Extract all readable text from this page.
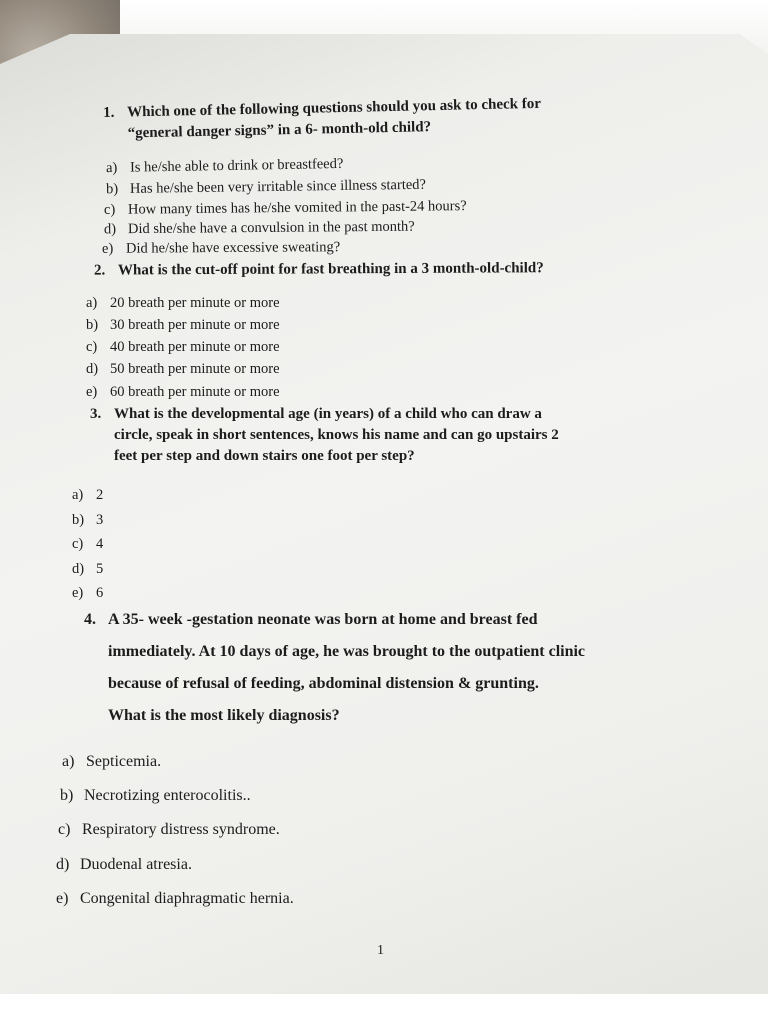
1. Which one of the following questions should you ask to check for
“general danger signs” in a 6- month-old child?
a) Is he/she able to drink or breastfeed?
b) Has he/she been very irritable since illness started?
c) How many times has he/she vomited in the past-24 hours?
d) Did she/she have a convulsion in the past month?
e) Did he/she have excessive sweating?
2. What is the cut-off point for fast breathing in a 3 month-old-child?
a) 20 breath per minute or more
b) 30 breath per minute or more
c) 40 breath per minute or more
d) 50 breath per minute or more
e) 60 breath per minute or more
3. What is the developmental age (in years) of a child who can draw a
circle, speak in short sentences, knows his name and can go upstairs 2
feet per step and down stairs one foot per step?
a) 2
b) 3
c) 4
d) 5
e) 6
4. A 35- week -gestation neonate was born at home and breast fed
immediately. At 10 days of age, he was brought to the outpatient clinic
because of refusal of feeding, abdominal distension & grunting.
What is the most likely diagnosis?
a) Septicemia.
b) Necrotizing enterocolitis..
c) Respiratory distress syndrome.
d) Duodenal atresia.
e) Congenital diaphragmatic hernia.
1
